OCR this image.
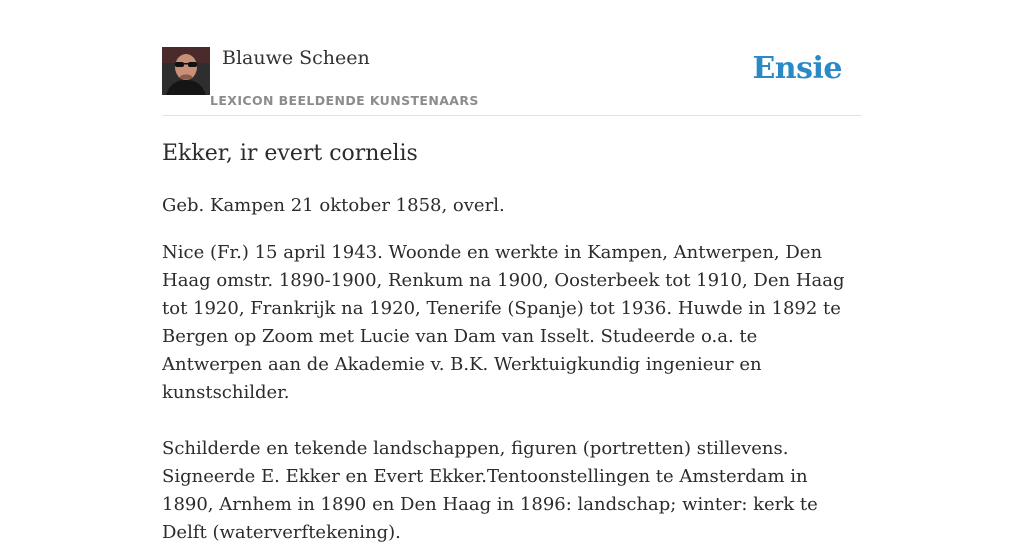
Blauwe Scheen
LEXICON BEELDENDE KUNSTENAARS
Ensie
Ekker, ir evert cornelis

Geb. Kampen 21 oktober 1858, overl.

Nice (Fr.) 15 april 1943. Woonde en werkte in Kampen, Antwerpen, Den Haag omstr. 1890-1900, Renkum na 1900, Oosterbeek tot 1910, Den Haag tot 1920, Frankrijk na 1920, Tenerife (Spanje) tot 1936. Huwde in 1892 te Bergen op Zoom met Lucie van Dam van Isselt. Studeerde o.a. te Antwerpen aan de Akademie v. B.K. Werktuigkundig ingenieur en kunstschilder.

Schilderde en tekende landschappen, figuren (portretten) stillevens. Signeerde E. Ekker en Evert Ekker.Tentoonstellingen te Amsterdam in 1890, Arnhem in 1890 en Den Haag in 1896: landschap; winter: kerk te Delft (waterverftekening).
